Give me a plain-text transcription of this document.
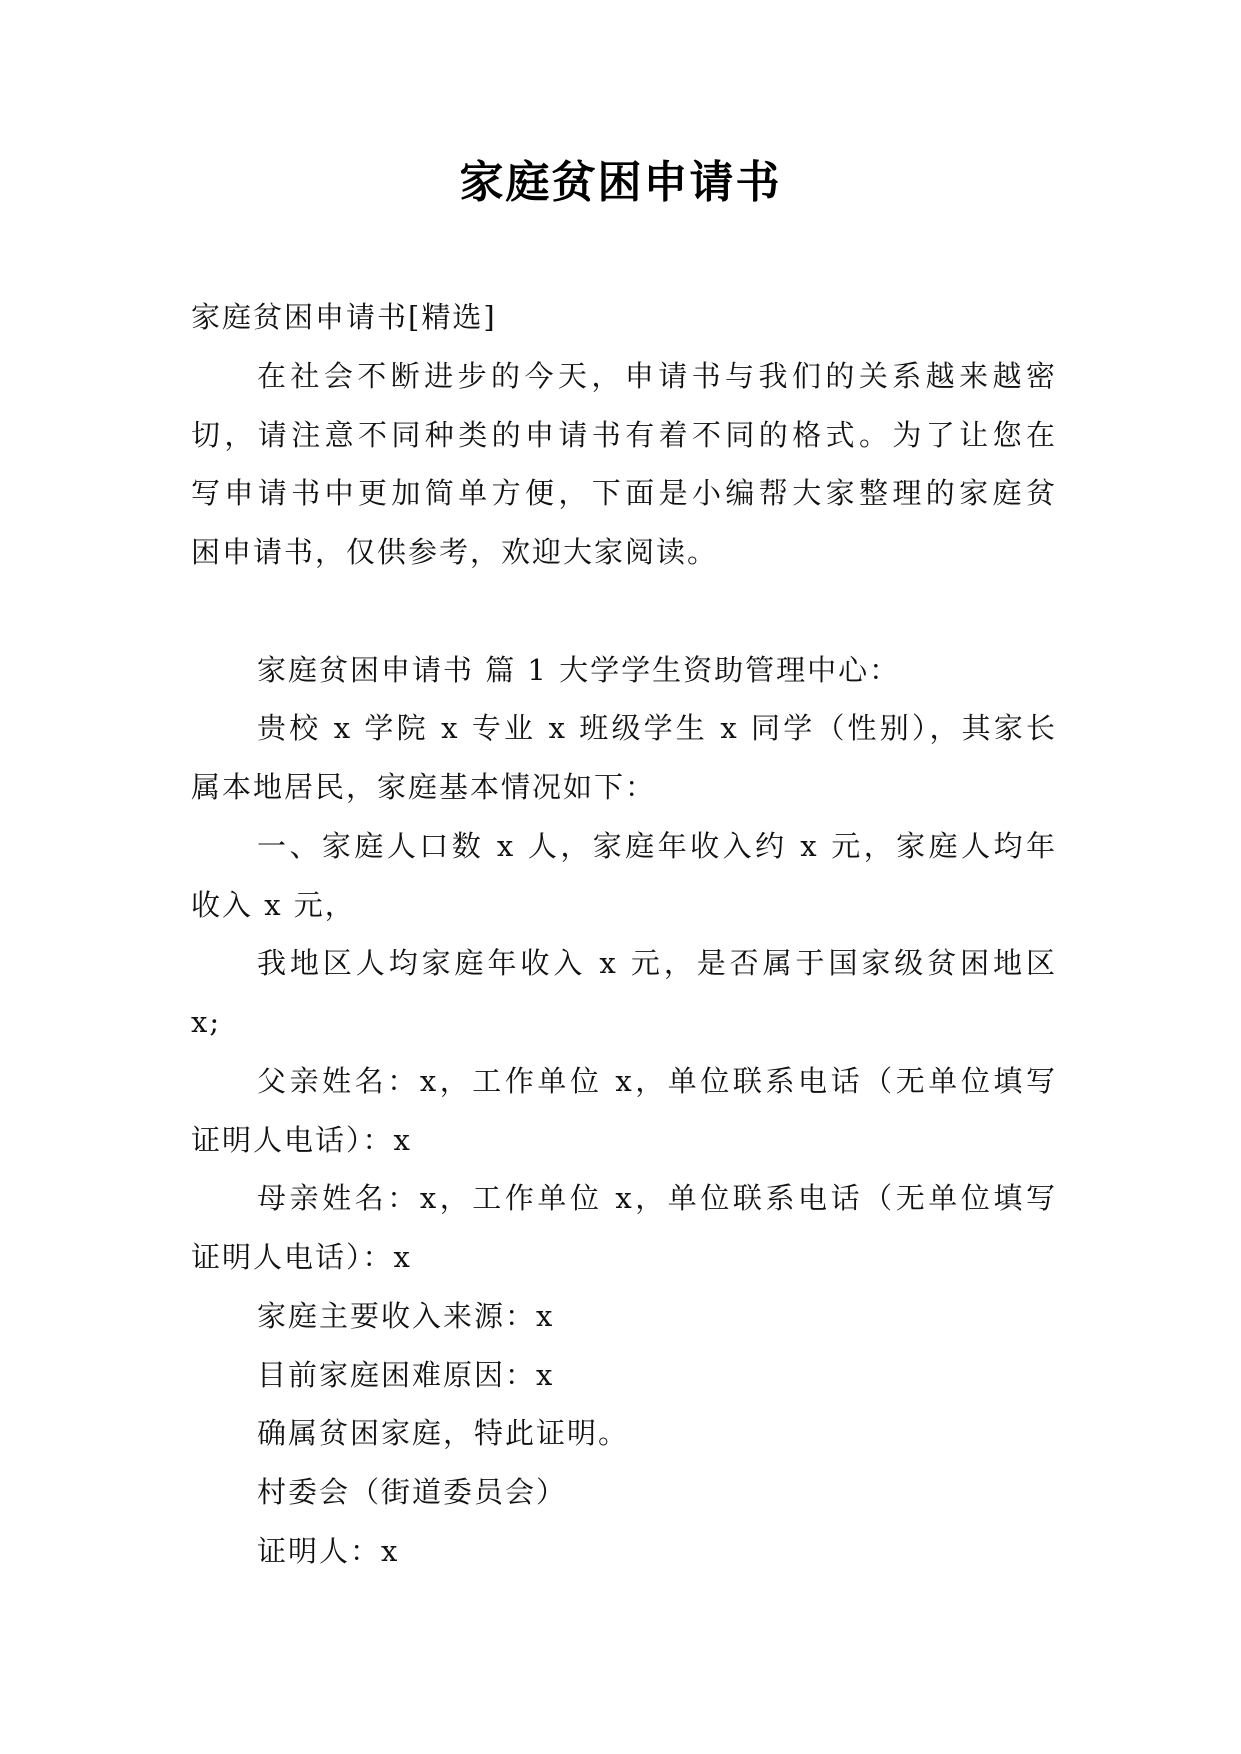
家庭贫困申请书
家庭贫困申请书[精选]
在社会不断进步的今天，申请书与我们的关系越来越密
切，请注意不同种类的申请书有着不同的格式。为了让您在
写申请书中更加简单方便，下面是小编帮大家整理的家庭贫
困申请书，仅供参考，欢迎大家阅读。
家庭贫困申请书 篇 1 大学学生资助管理中心：
贵校 x 学院 x 专业 x 班级学生 x 同学（性别），其家长
属本地居民，家庭基本情况如下：
一、家庭人口数 x 人，家庭年收入约 x 元，家庭人均年
收入 x 元，
我地区人均家庭年收入 x 元，是否属于国家级贫困地区
x;
父亲姓名：x，工作单位 x，单位联系电话（无单位填写
证明人电话）：x
母亲姓名：x，工作单位 x，单位联系电话（无单位填写
证明人电话）：x
家庭主要收入来源：x
目前家庭困难原因：x
确属贫困家庭，特此证明。
村委会（街道委员会）
证明人：x
